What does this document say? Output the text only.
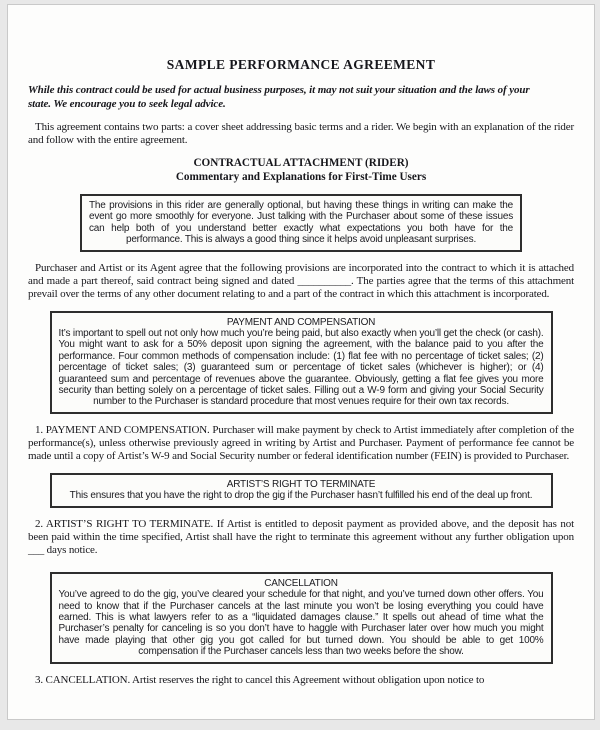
SAMPLE PERFORMANCE AGREEMENT

While this contract could be used for actual business purposes, it may not suit your situation and the laws of your state. We encourage you to seek legal advice.

This agreement contains two parts: a cover sheet addressing basic terms and a rider. We begin with an explanation of the rider and follow with the entire agreement.

CONTRACTUAL ATTACHMENT (RIDER)
Commentary and Explanations for First-Time Users

The provisions in this rider are generally optional, but having these things in writing can make the event go more smoothly for everyone. Just talking with the Purchaser about some of these issues can help both of you understand better exactly what expectations you both have for the performance. This is always a good thing since it helps avoid unpleasant surprises.

Purchaser and Artist or its Agent agree that the following provisions are incorporated into the contract to which it is attached and made a part thereof, said contract being signed and dated __________. The parties agree that the terms of this attachment prevail over the terms of any other document relating to and a part of the contract in which this attachment is incorporated.

PAYMENT AND COMPENSATION

It’s important to spell out not only how much you’re being paid, but also exactly when you’ll get the check (or cash). You might want to ask for a 50% deposit upon signing the agreement, with the balance paid to you after the performance. Four common methods of compensation include: (1) flat fee with no percentage of ticket sales; (2) percentage of ticket sales; (3) guaranteed sum or percentage of ticket sales (whichever is higher); or (4) guaranteed sum and percentage of revenues above the guarantee. Obviously, getting a flat fee gives you more security than betting solely on a percentage of ticket sales. Filling out a W-9 form and giving your Social Security number to the Purchaser is standard procedure that most venues require for their own tax records.

1. PAYMENT AND COMPENSATION. Purchaser will make payment by check to Artist immediately after completion of the performance(s), unless otherwise previously agreed in writing by Artist and Purchaser. Payment of performance fee cannot be made until a copy of Artist’s W-9 and Social Security number or federal identification number (FEIN) is provided to Purchaser.

ARTIST’S RIGHT TO TERMINATE

This ensures that you have the right to drop the gig if the Purchaser hasn’t fulfilled his end of the deal up front.

2. ARTIST’S RIGHT TO TERMINATE. If Artist is entitled to deposit payment as provided above, and the deposit has not been paid within the time specified, Artist shall have the right to terminate this agreement without any further obligation upon ___ days notice.

CANCELLATION

You’ve agreed to do the gig, you’ve cleared your schedule for that night, and you’ve turned down other offers. You need to know that if the Purchaser cancels at the last minute you won’t be losing everything you could have earned. This is what lawyers refer to as a “liquidated damages clause.” It spells out ahead of time what the Purchaser’s penalty for canceling is so you don’t have to haggle with Purchaser later over how much you might have made playing that other gig you got called for but turned down. You should be able to get 100% compensation if the Purchaser cancels less than two weeks before the show.

3. CANCELLATION. Artist reserves the right to cancel this Agreement without obligation upon notice to
